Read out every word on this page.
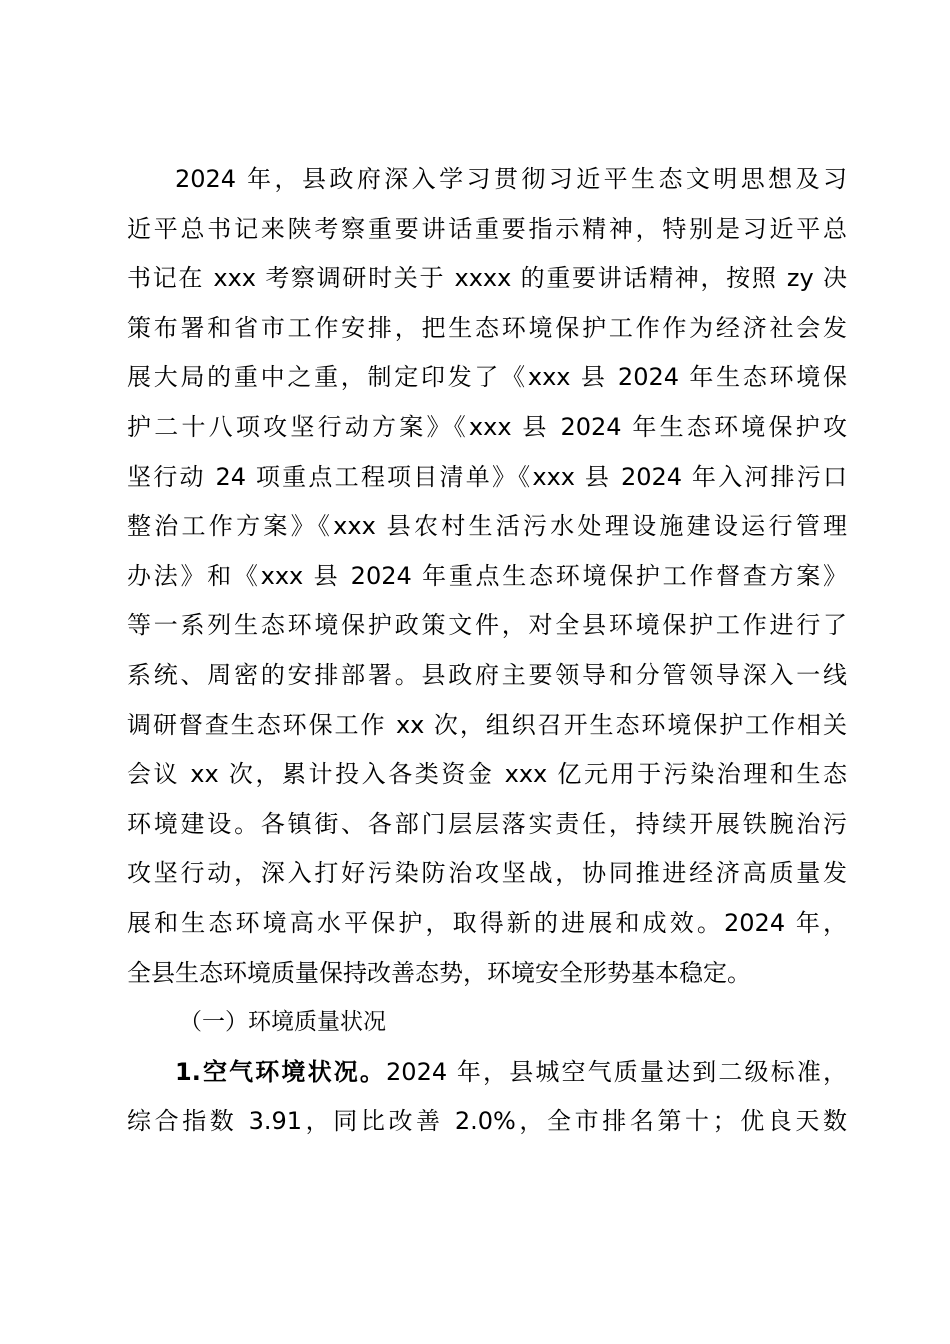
2024 年，县政府深入学习贯彻习近平生态文明思想及习
近平总书记来陕考察重要讲话重要指示精神，特别是习近平总
书记在 xxx 考察调研时关于 xxxx 的重要讲话精神，按照 zy 决
策布署和省市工作安排，把生态环境保护工作作为经济社会发
展大局的重中之重，制定印发了《xxx 县 2024 年生态环境保
护二十八项攻坚行动方案》《xxx 县 2024 年生态环境保护攻
坚行动 24 项重点工程项目清单》《xxx 县 2024 年入河排污口
整治工作方案》《xxx 县农村生活污水处理设施建设运行管理
办法》和《xxx 县 2024 年重点生态环境保护工作督查方案》
等一系列生态环境保护政策文件，对全县环境保护工作进行了
系统、周密的安排部署。县政府主要领导和分管领导深入一线
调研督查生态环保工作 xx 次，组织召开生态环境保护工作相关
会议 xx 次，累计投入各类资金 xxx 亿元用于污染治理和生态
环境建设。各镇街、各部门层层落实责任，持续开展铁腕治污
攻坚行动，深入打好污染防治攻坚战，协同推进经济高质量发
展和生态环境高水平保护，取得新的进展和成效。2024 年，
全县生态环境质量保持改善态势，环境安全形势基本稳定。
（一）环境质量状况
1.空气环境状况。2024 年，县城空气质量达到二级标准，
综合指数 3.91，同比改善 2.0%，全市排名第十；优良天数
